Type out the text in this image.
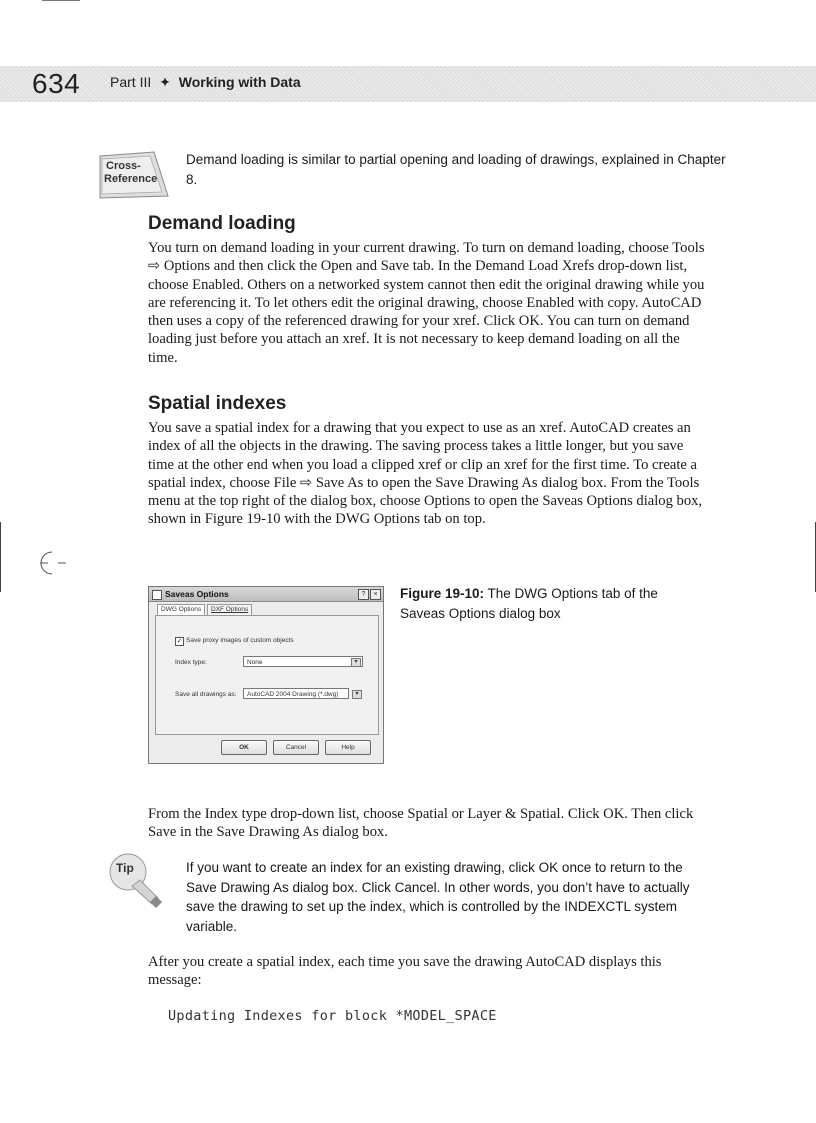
634 Part III ✦ Working with Data
Cross-
Reference
Demand loading is similar to partial opening and loading of drawings, explained in Chapter 8.
Demand loading
You turn on demand loading in your current drawing. To turn on demand loading, choose Tools ⇨ Options and then click the Open and Save tab. In the Demand Load Xrefs drop-down list, choose Enabled. Others on a networked system cannot then edit the original drawing while you are referencing it. To let others edit the original drawing, choose Enabled with copy. AutoCAD then uses a copy of the referenced drawing for your xref. Click OK. You can turn on demand loading just before you attach an xref. It is not necessary to keep demand loading on all the time.
Spatial indexes
You save a spatial index for a drawing that you expect to use as an xref. AutoCAD creates an index of all the objects in the drawing. The saving process takes a little longer, but you save time at the other end when you load a clipped xref or clip an xref for the first time. To create a spatial index, choose File ⇨ Save As to open the Save Drawing As dialog box. From the Tools menu at the top right of the dialog box, choose Options to open the Saveas Options dialog box, shown in Figure 19-10 with the DWG Options tab on top.
Saveas Options	?	×
DWG Options	DXF Options
✓ Save proxy images of custom objects
Index type:	None	▾
Save all drawings as:	AutoCAD 2004 Drawing (*.dwg)	▾
OK	Cancel	Help
Figure 19-10: The DWG Options tab of the Saveas Options dialog box
From the Index type drop-down list, choose Spatial or Layer & Spatial. Click OK. Then click Save in the Save Drawing As dialog box.
Tip	If you want to create an index for an existing drawing, click OK once to return to the Save Drawing As dialog box. Click Cancel. In other words, you don’t have to actually save the drawing to set up the index, which is controlled by the INDEXCTL system variable.
After you create a spatial index, each time you save the drawing AutoCAD displays this message:
Updating Indexes for block *MODEL_SPACE
